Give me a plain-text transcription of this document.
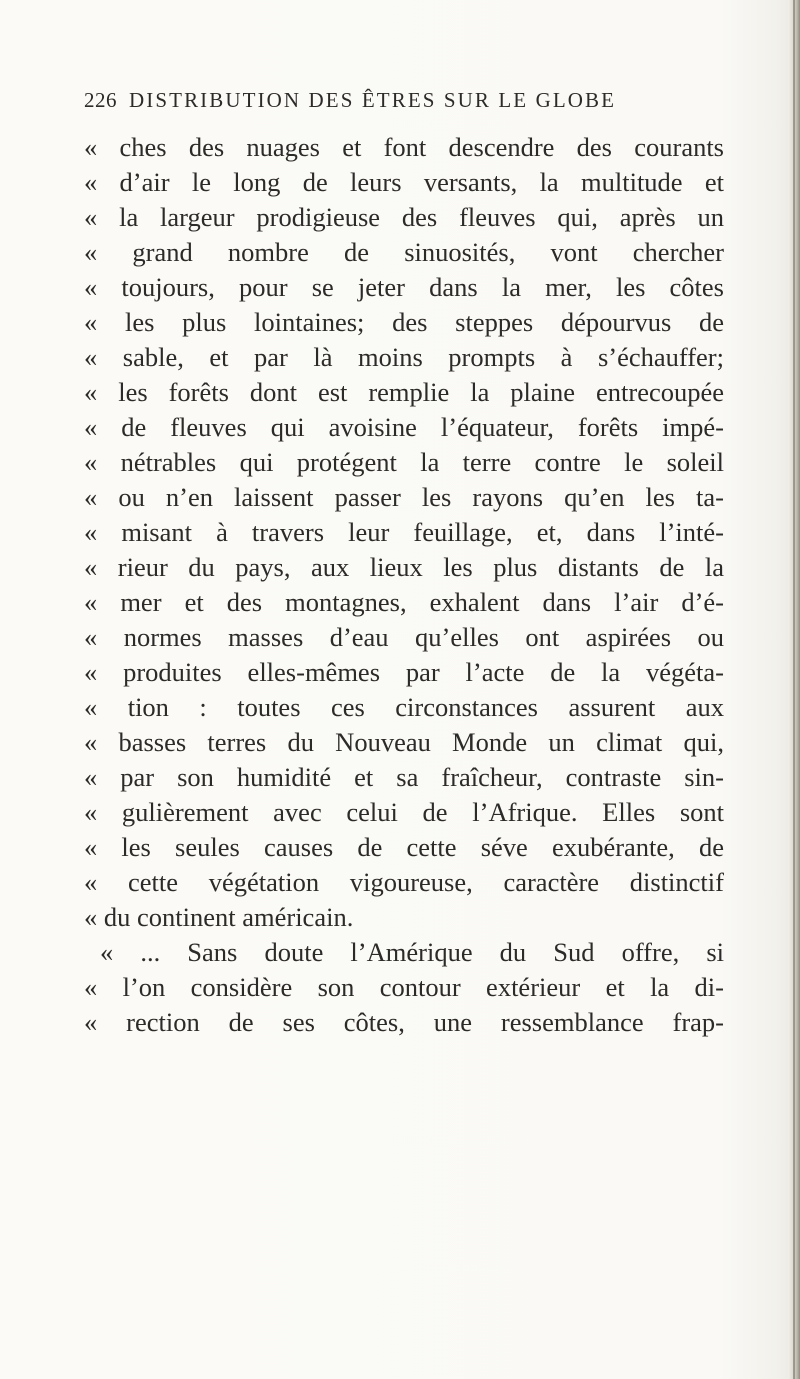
226 DISTRIBUTION DES ÊTRES SUR LE GLOBE
« ches des nuages et font descendre des courants
« d’air le long de leurs versants, la multitude et
« la largeur prodigieuse des fleuves qui, après un
« grand nombre de sinuosités, vont chercher
« toujours, pour se jeter dans la mer, les côtes
« les plus lointaines; des steppes dépourvus de
« sable, et par là moins prompts à s’échauffer;
« les forêts dont est remplie la plaine entrecoupée
« de fleuves qui avoisine l’équateur, forêts impé-
« nétrables qui protégent la terre contre le soleil
« ou n’en laissent passer les rayons qu’en les ta-
« misant à travers leur feuillage, et, dans l’inté-
« rieur du pays, aux lieux les plus distants de la
« mer et des montagnes, exhalent dans l’air d’é-
« normes masses d’eau qu’elles ont aspirées ou
« produites elles-mêmes par l’acte de la végéta-
« tion : toutes ces circonstances assurent aux
« basses terres du Nouveau Monde un climat qui,
« par son humidité et sa fraîcheur, contraste sin-
« gulièrement avec celui de l’Afrique. Elles sont
« les seules causes de cette séve exubérante, de
« cette végétation vigoureuse, caractère distinctif
« du continent américain.
« ... Sans doute l’Amérique du Sud offre, si
« l’on considère son contour extérieur et la di-
« rection de ses côtes, une ressemblance frap-
